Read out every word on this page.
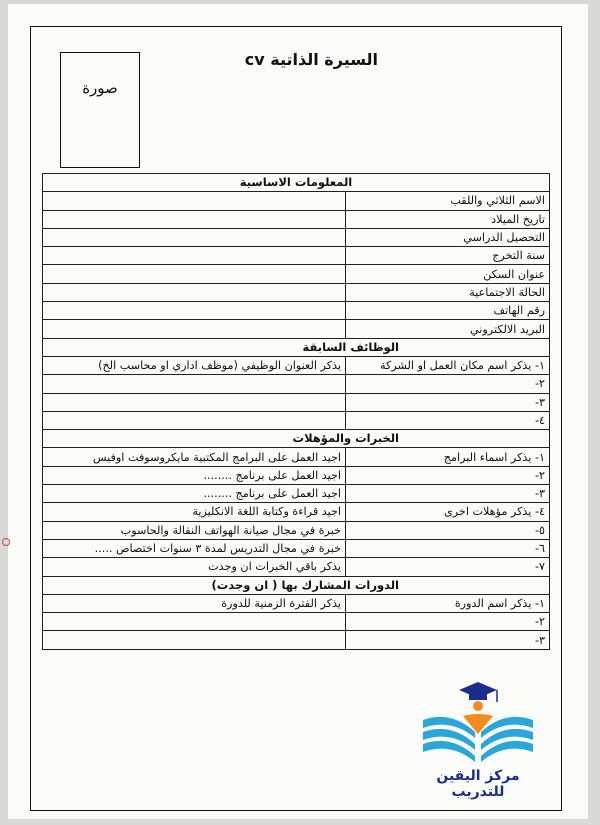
صورة
السيرة الذاتية cv
المعلومات الاساسية	
الاسم الثلاثي واللقب	
تاريخ الميلاد	
التحصيل الدراسي	
سنة التخرج	
عنوان السكن	
الحالة الاجتماعية	
رقم الهاتف	
البريد الالكتروني	
الوظائف السابقة	
١- يذكر اسم مكان العمل او الشركة	يذكر العنوان الوظيفي (موظف اداري او محاسب الخ)
٢-	
٣-	
٤-	
الخبرات والمؤهلات	
١- يذكر اسماء البرامج	اجيد العمل على البرامج المكتبية مايكروسوفت اوفيس
٢-	اجيد العمل على برنامج ........
٣-	اجيد العمل على برنامج ........
٤- يذكر مؤهلات اخرى	اجيد قراءة وكتابة اللغة الانكليزية
٥-	خبرة في مجال صيانة الهواتف النقالة والحاسوب
٦-	خبرة في مجال التدريس لمدة ٣ سنوات اختصاص .....
٧-	يذكر باقي الخبرات ان وجدت
الدورات المشارك بها ( ان وجدت)	
١- يذكر اسم الدورة	يذكر الفترة الزمنية للدورة
٢-	
٣-	
مركز اليقين للتدريب
